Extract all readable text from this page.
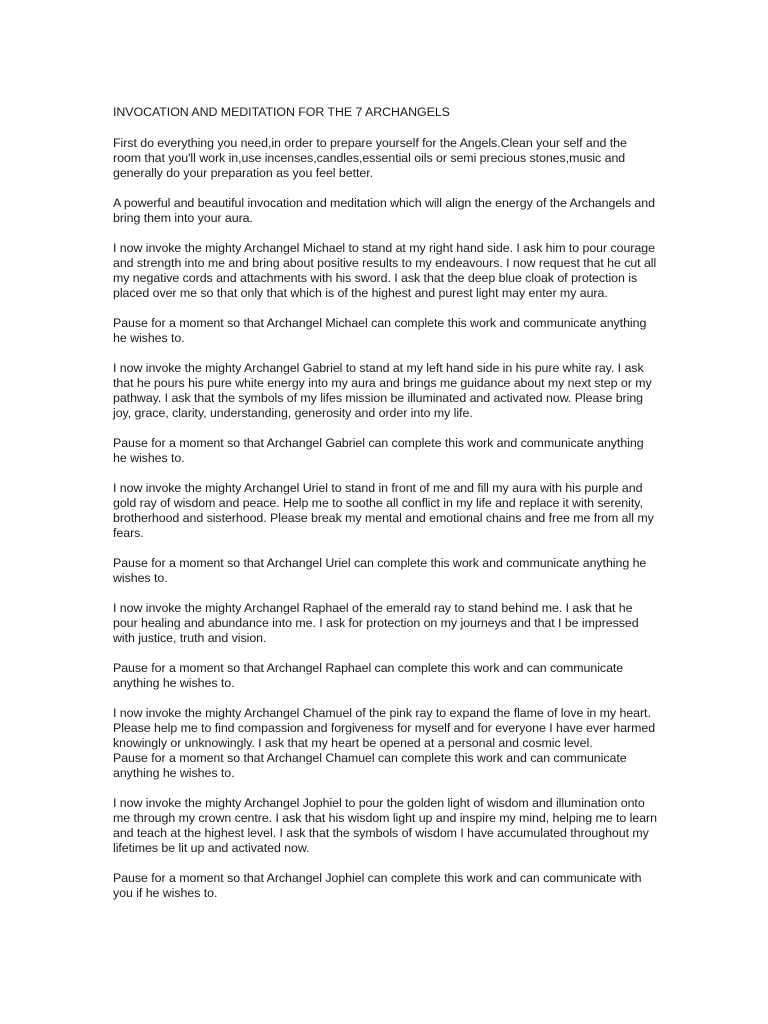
INVOCATION AND MEDITATION FOR THE 7 ARCHANGELS

First do everything you need,in order to prepare yourself for the Angels.Clean your self and the room that you'll work in,use incenses,candles,essential oils or semi precious stones,music and generally do your preparation as you feel better.

A powerful and beautiful invocation and meditation which will align the energy of the Archangels and bring them into your aura.

I now invoke the mighty Archangel Michael to stand at my right hand side. I ask him to pour courage and strength into me and bring about positive results to my endeavours. I now request that he cut all my negative cords and attachments with his sword. I ask that the deep blue cloak of protection is placed over me so that only that which is of the highest and purest light may enter my aura.

Pause for a moment so that Archangel Michael can complete this work and communicate anything he wishes to.

I now invoke the mighty Archangel Gabriel to stand at my left hand side in his pure white ray. I ask that he pours his pure white energy into my aura and brings me guidance about my next step or my pathway. I ask that the symbols of my lifes mission be illuminated and activated now. Please bring joy, grace, clarity, understanding, generosity and order into my life.

Pause for a moment so that Archangel Gabriel can complete this work and communicate anything he wishes to.

I now invoke the mighty Archangel Uriel to stand in front of me and fill my aura with his purple and gold ray of wisdom and peace. Help me to soothe all conflict in my life and replace it with serenity, brotherhood and sisterhood. Please break my mental and emotional chains and free me from all my fears.

Pause for a moment so that Archangel Uriel can complete this work and communicate anything he wishes to.

I now invoke the mighty Archangel Raphael of the emerald ray to stand behind me. I ask that he pour healing and abundance into me. I ask for protection on my journeys and that I be impressed with justice, truth and vision.

Pause for a moment so that Archangel Raphael can complete this work and can communicate anything he wishes to.

I now invoke the mighty Archangel Chamuel of the pink ray to expand the flame of love in my heart. Please help me to find compassion and forgiveness for myself and for everyone I have ever harmed knowingly or unknowingly. I ask that my heart be opened at a personal and cosmic level.

Pause for a moment so that Archangel Chamuel can complete this work and can communicate anything he wishes to.

I now invoke the mighty Archangel Jophiel to pour the golden light of wisdom and illumination onto me through my crown centre. I ask that his wisdom light up and inspire my mind, helping me to learn and teach at the highest level. I ask that the symbols of wisdom I have accumulated throughout my lifetimes be lit up and activated now.

Pause for a moment so that Archangel Jophiel can complete this work and can communicate with you if he wishes to.
